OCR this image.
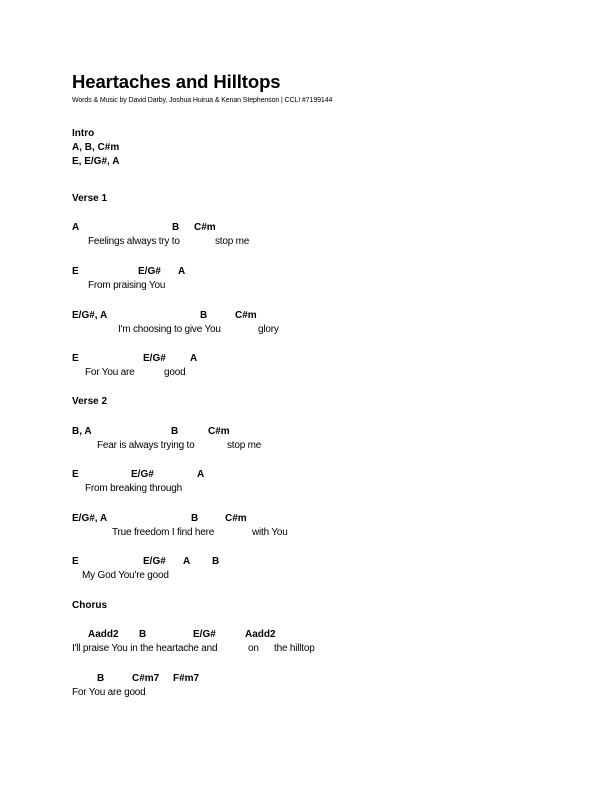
Heartaches and Hilltops
Words & Music by David Darby, Joshua Huirua & Kenan Stephenson | CCLI #7199144
Intro
A, B, C#m
E, E/G#, A
Verse 1
A	B C#m
Feelings always try to	stop me
E	E/G# A
From praising You
E/G#, A	B	C#m
I'm choosing to give You	glory
E	E/G# A
For You are	good
Verse 2
B, A	B	C#m
Fear is always trying to	stop me
E	E/G#	A
From breaking through
E/G#, A	B	C#m
True freedom I find here	with You
E	E/G# A B
My God You're good
Chorus
Aadd2 B	E/G#	Aadd2
I'll praise You in the heartache and	on the hilltop
B	C#m7 F#m7
For You are good
